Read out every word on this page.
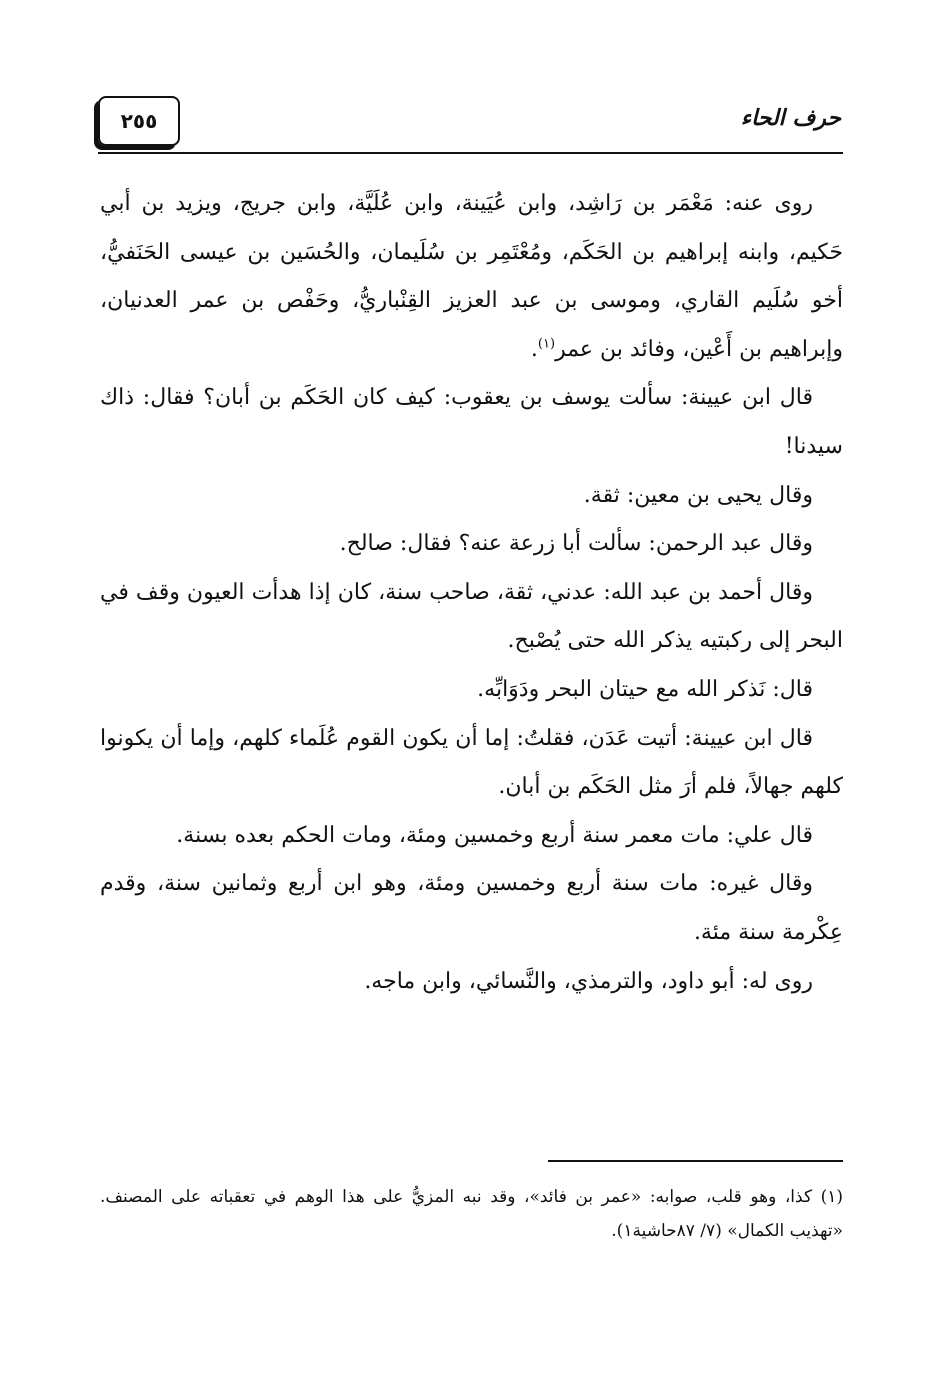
٢٥٥	حرف الحاء

روى عنه: مَعْمَر بن رَاشِد، وابن عُيَينة، وابن عُلَيَّة، وابن جريج، ويزيد بن أبي حَكيم، وابنه إبراهيم بن الحَكَم، ومُعْتَمِر بن سُلَيمان، والحُسَين بن عيسى الحَنَفيُّ، أخو سُلَيم القاري، وموسى بن عبد العزيز القِنْباريُّ، وحَفْص بن عمر العدنيان، وإبراهيم بن أَعْين، وفائد بن عمر$^{(١)}$.

قال ابن عيينة: سألت يوسف بن يعقوب: كيف كان الحَكَم بن أبان؟ فقال: ذاك سيدنا!

وقال يحيى بن معين: ثقة.

وقال عبد الرحمن: سألت أبا زرعة عنه؟ فقال: صالح.

وقال أحمد بن عبد الله: عدني، ثقة، صاحب سنة، كان إذا هدأت العيون وقف في البحر إلى ركبتيه يذكر الله حتى يُصْبح.

قال: نَذكر الله مع حيتان البحر ودَوَابِّه.

قال ابن عيينة: أتيت عَدَن، فقلتُ: إما أن يكون القوم عُلَماء كلهم، وإما أن يكونوا كلهم جهالاً، فلم أرَ مثل الحَكَم بن أبان.

قال علي: مات معمر سنة أربع وخمسين ومئة، ومات الحكم بعده بسنة.

وقال غيره: مات سنة أربع وخمسين ومئة، وهو ابن أربع وثمانين سنة، وقدم عِكْرمة سنة مئة.

روى له: أبو داود، والترمذي، والنَّسائي، وابن ماجه.

(١) كذا، وهو قلب، صوابه: «عمر بن فائد»، وقد نبه المزيُّ على هذا الوهم في تعقباته على المصنف. «تهذيب الكمال» (٧/ ٨٧حاشية١).
